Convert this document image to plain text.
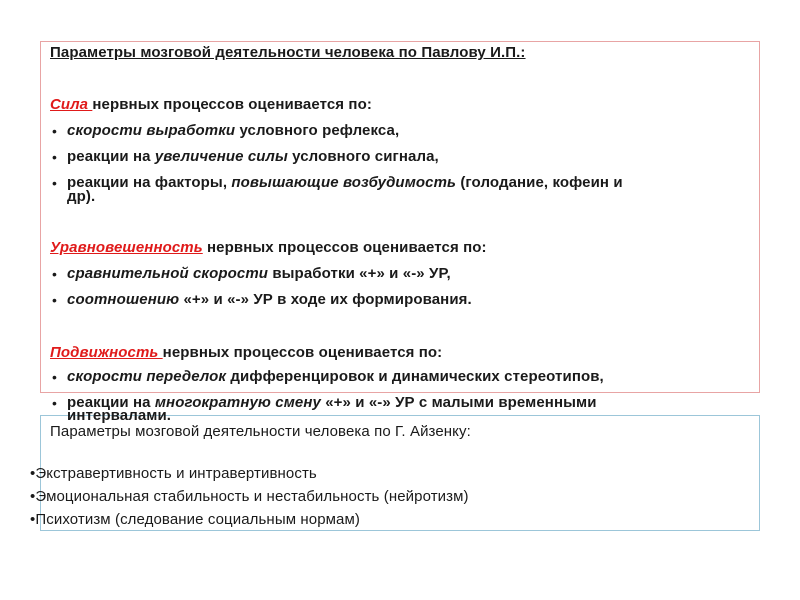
Параметры мозговой деятельности человека по Павлову И.П.:
Сила нервных процессов оценивается по:
• скорости выработки условного рефлекса,
• реакции на увеличение силы условного сигнала,
• реакции на факторы, повышающие возбудимость (голодание, кофеин и
др).
Уравновешенность нервных процессов оценивается по:
• сравнительной скорости выработки «+» и «-» УР,
• соотношению «+» и «-» УР в ходе их формирования.
Подвижность нервных процессов оценивается по:
• скорости переделок дифференцировок и динамических стереотипов,
• реакции на многократную смену «+» и «-» УР с малыми временными
интервалами.
Параметры мозговой деятельности человека по Г. Айзенку:
•Экстравертивность и интравертивность
•Эмоциональная стабильность и нестабильность (нейротизм)
•Психотизм (следование социальным нормам)
